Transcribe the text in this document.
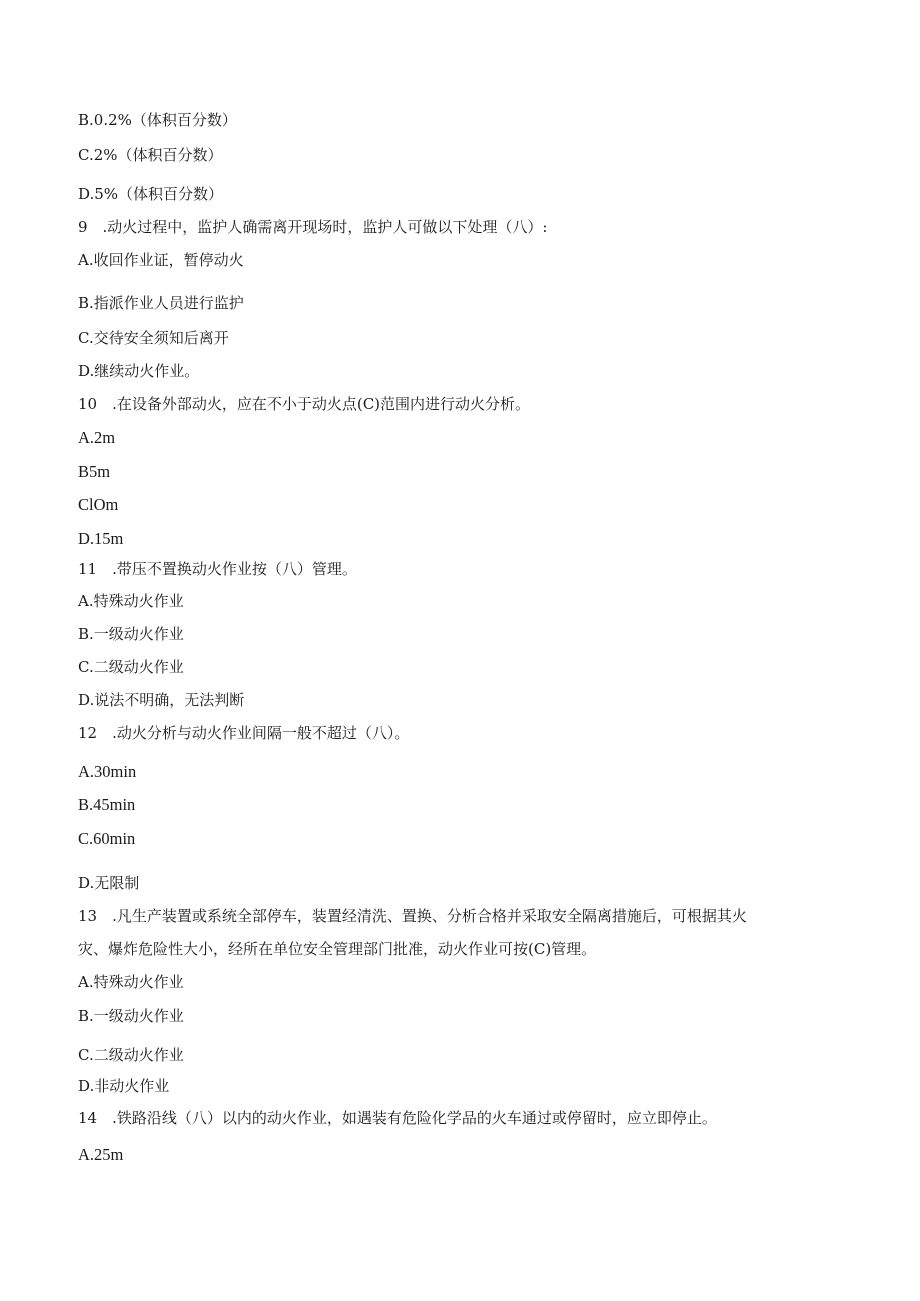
B.0.2%（体积百分数）
C.2%（体积百分数）
D.5%（体积百分数）
9　.动火过程中，监护人确需离开现场时，监护人可做以下处理（八）:
A.收回作业证，暂停动火
B.指派作业人员进行监护
C.交待安全须知后离开
D.继续动火作业。
10　.在设备外部动火，应在不小于动火点(C)范围内进行动火分析。
A.2m
B5m
ClOm
D.15m
11　.带压不置换动火作业按（八）管理。
A.特殊动火作业
B.一级动火作业
C.二级动火作业
D.说法不明确，无法判断
12　.动火分析与动火作业间隔一般不超过（八）。
A.30min
B.45min
C.60min
D.无限制
13　.凡生产装置或系统全部停车，装置经清洗、置换、分析合格并采取安全隔离措施后，可根据其火
灾、爆炸危险性大小，经所在单位安全管理部门批准，动火作业可按(C)管理。
A.特殊动火作业
B.一级动火作业
C.二级动火作业
D.非动火作业
14　.铁路沿线（八）以内的动火作业，如遇装有危险化学品的火车通过或停留时，应立即停止。
A.25m
